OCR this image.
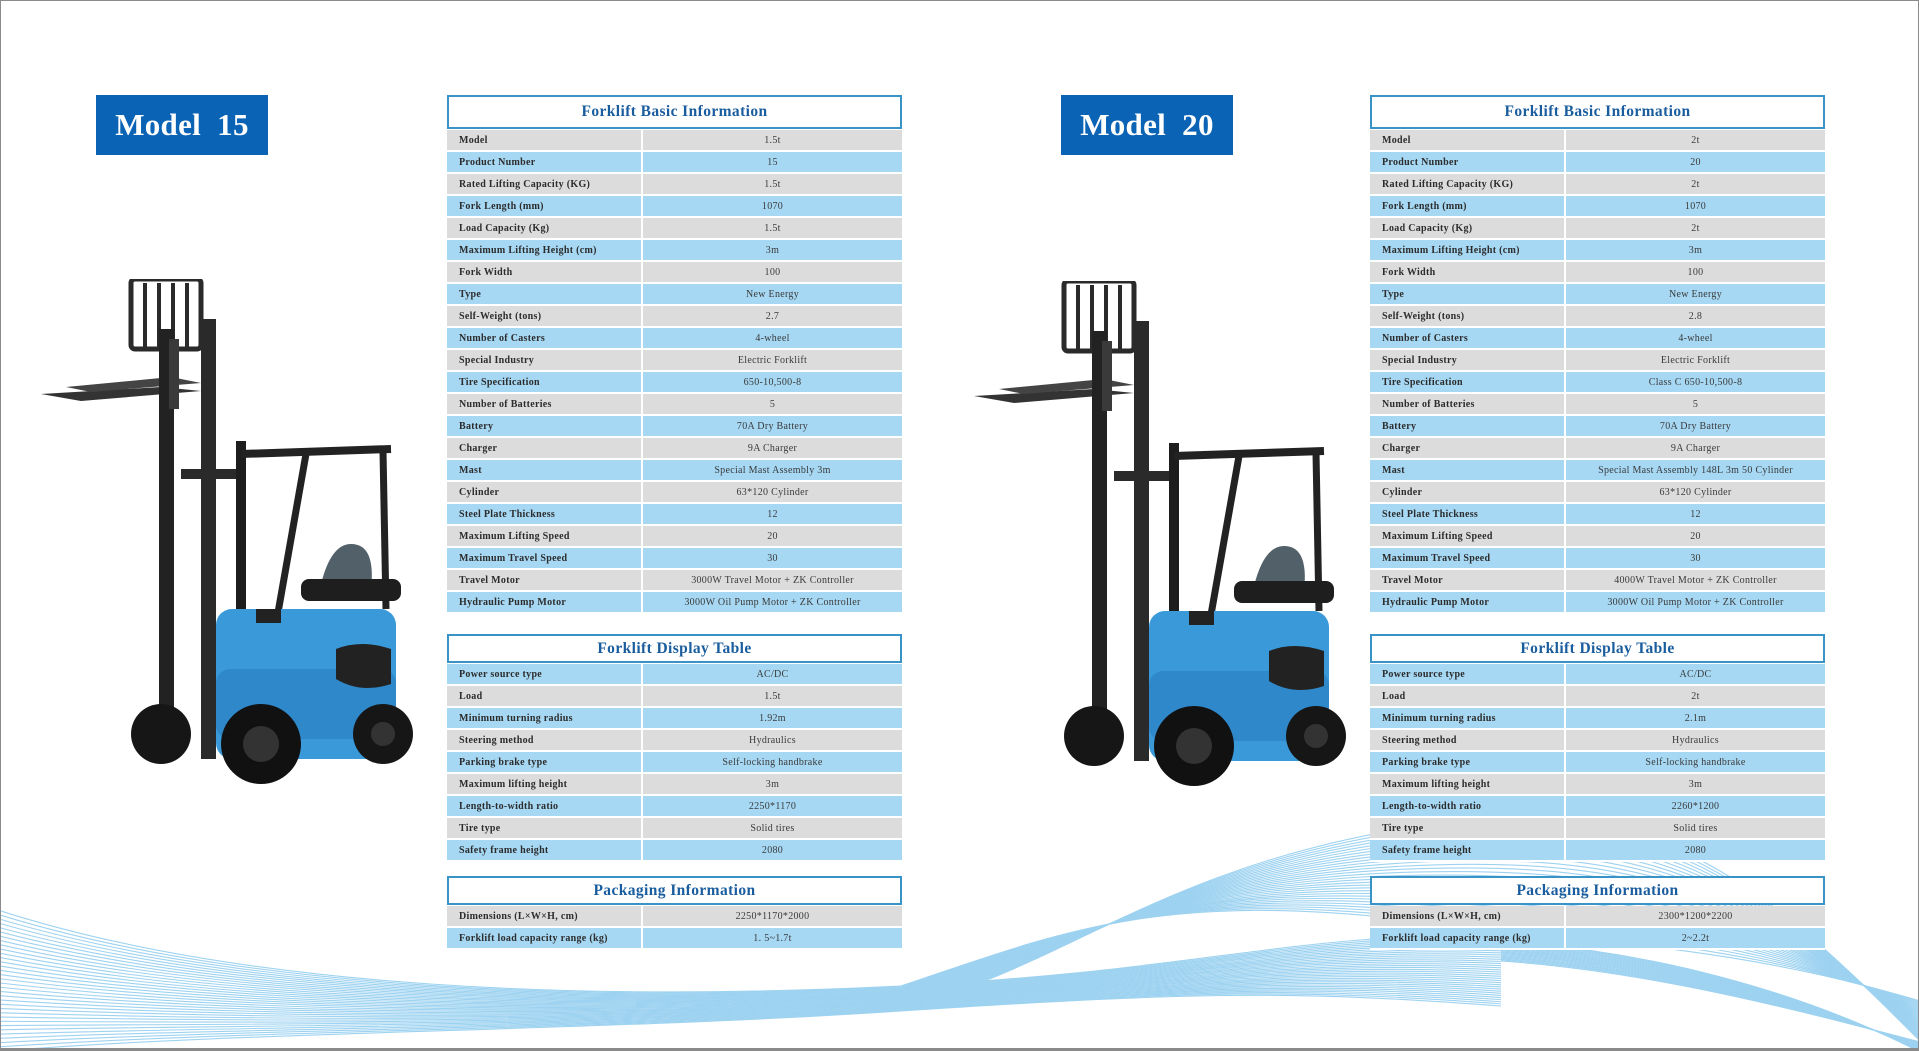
Model  15	Forklift Basic Information
Model	1.5t
Product Number	15
Rated Lifting Capacity (KG)	1.5t
Fork Length (mm)	1070
Load Capacity (Kg)	1.5t
Maximum Lifting Height (cm)	3m
Fork Width	100
Type	New Energy
Self-Weight (tons)	2.7
Number of Casters	4-wheel
Special Industry	Electric Forklift
Tire Specification	650-10,500-8
Number of Batteries	5
Battery	70A Dry Battery
Charger	9A Charger
Mast	Special Mast Assembly 3m
Cylinder	63*120 Cylinder
Steel Plate Thickness	12
Maximum Lifting Speed	20
Maximum Travel Speed	30
Travel Motor	3000W Travel Motor + ZK Controller
Hydraulic Pump Motor	3000W Oil Pump Motor + ZK Controller
Forklift Display Table
Power source type	AC/DC
Load	1.5t
Minimum turning radius	1.92m
Steering method	Hydraulics
Parking brake type	Self-locking handbrake
Maximum lifting height	3m
Length-to-width ratio	2250*1170
Tire type	Solid tires
Safety frame height	2080
Packaging Information
Dimensions (L×W×H, cm)	2250*1170*2000
Forklift load capacity range (kg)	1. 5~1.7t
Model  20	Forklift Basic Information
Model	2t
Product Number	20
Rated Lifting Capacity (KG)	2t
Fork Length (mm)	1070
Load Capacity (Kg)	2t
Maximum Lifting Height (cm)	3m
Fork Width	100
Type	New Energy
Self-Weight (tons)	2.8
Number of Casters	4-wheel
Special Industry	Electric Forklift
Tire Specification	Class C 650-10,500-8
Number of Batteries	5
Battery	70A Dry Battery
Charger	9A Charger
Mast	Special Mast Assembly 148L 3m 50 Cylinder
Cylinder	63*120 Cylinder
Steel Plate Thickness	12
Maximum Lifting Speed	20
Maximum Travel Speed	30
Travel Motor	4000W Travel Motor + ZK Controller
Hydraulic Pump Motor	3000W Oil Pump Motor + ZK Controller
Forklift Display Table
Power source type	AC/DC
Load	2t
Minimum turning radius	2.1m
Steering method	Hydraulics
Parking brake type	Self-locking handbrake
Maximum lifting height	3m
Length-to-width ratio	2260*1200
Tire type	Solid tires
Safety frame height	2080
Packaging Information
Dimensions (L×W×H, cm)	2300*1200*2200
Forklift load capacity range (kg)	2~2.2t
